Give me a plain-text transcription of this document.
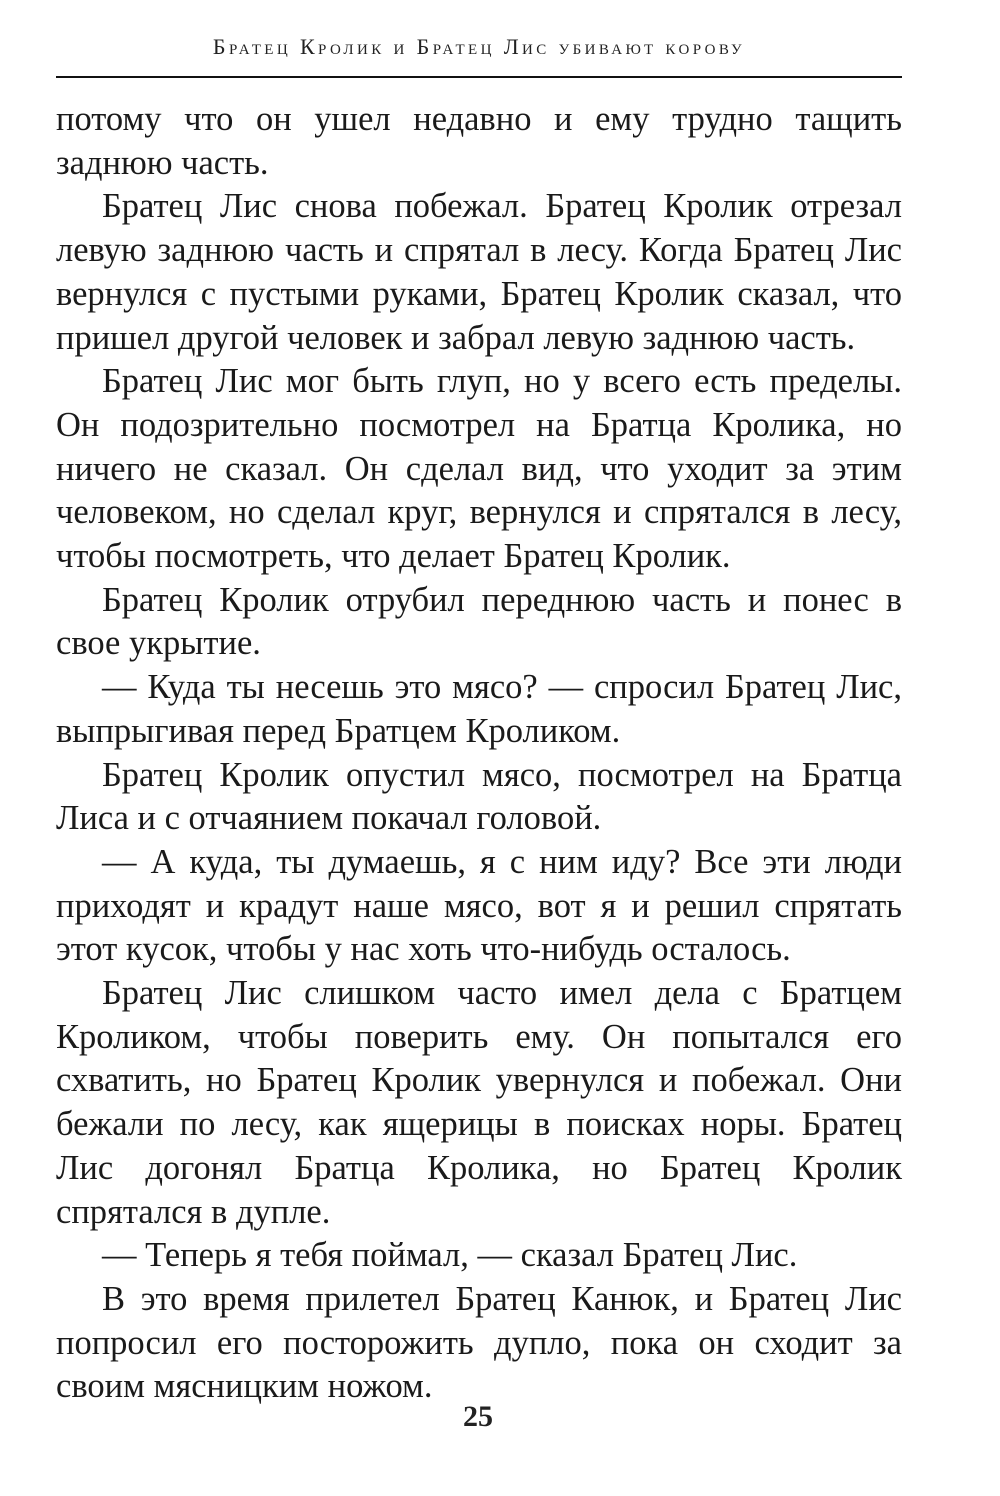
Братец Кролик и Братец Лис убивают корову

потому что он ушел недавно и ему трудно тащить заднюю часть.

Братец Лис снова побежал. Братец Кролик отрезал левую заднюю часть и спрятал в лесу. Когда Братец Лис вернулся с пустыми руками, Братец Кролик сказал, что пришел другой человек и забрал левую заднюю часть.

Братец Лис мог быть глуп, но у всего есть пределы. Он подозрительно посмотрел на Братца Кролика, но ничего не сказал. Он сделал вид, что уходит за этим человеком, но сделал круг, вернулся и спрятался в лесу, чтобы посмотреть, что делает Братец Кролик.

Братец Кролик отрубил переднюю часть и понес в свое укрытие.

— Куда ты несешь это мясо? — спросил Братец Лис, выпрыгивая перед Братцем Кроликом.

Братец Кролик опустил мясо, посмотрел на Братца Лиса и с отчаянием покачал головой.

— А куда, ты думаешь, я с ним иду? Все эти люди приходят и крадут наше мясо, вот я и решил спрятать этот кусок, чтобы у нас хоть что-нибудь осталось.

Братец Лис слишком часто имел дела с Братцем Кроликом, чтобы поверить ему. Он попытался его схватить, но Братец Кролик увернулся и побежал. Они бежали по лесу, как ящерицы в поисках норы. Братец Лис догонял Братца Кролика, но Братец Кролик спрятался в дупле.

— Теперь я тебя поймал, — сказал Братец Лис.

В это время прилетел Братец Канюк, и Братец Лис попросил его посторожить дупло, пока он сходит за своим мясницким ножом.

25
